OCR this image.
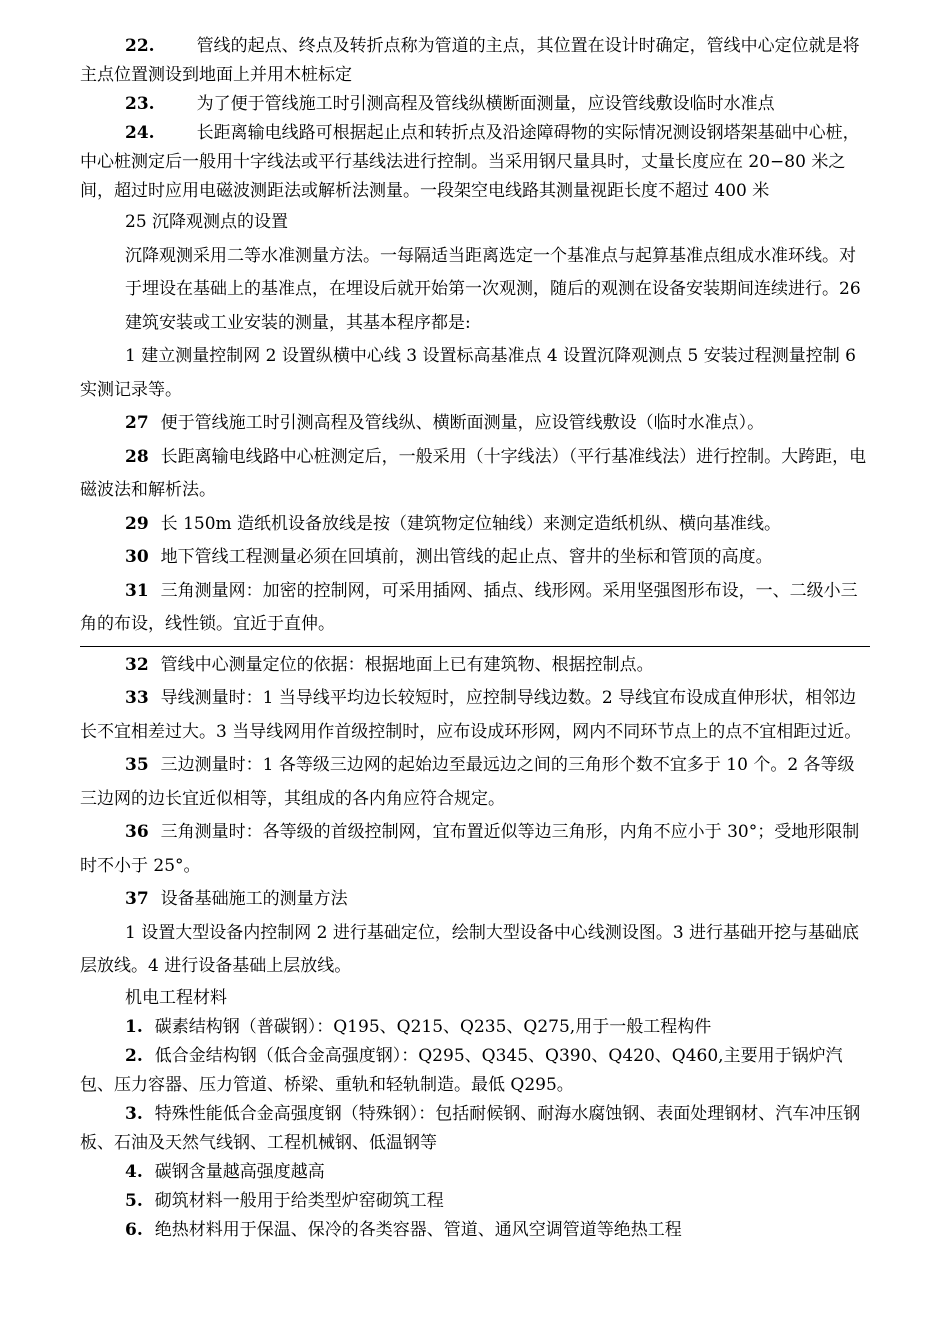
22. 管线的起点、终点及转折点称为管道的主点，其位置在设计时确定，管线中心定位就是将主点位置测设到地面上并用木桩标定

23. 为了便于管线施工时引测高程及管线纵横断面测量，应设管线敷设临时水准点

24. 长距离输电线路可根据起止点和转折点及沿途障碍物的实际情况测设钢塔架基础中心桩，中心桩测定后一般用十字线法或平行基线法进行控制。当采用钢尺量具时，丈量长度应在 20−80 米之间，超过时应用电磁波测距法或解析法测量。一段架空电线路其测量视距长度不超过 400 米

25 沉降观测点的设置

沉降观测采用二等水准测量方法。一每隔适当距离选定一个基准点与起算基准点组成水准环线。对于埋设在基础上的基准点，在埋设后就开始第一次观测，随后的观测在设备安装期间连续进行。26 建筑安装或工业安装的测量，其基本程序都是:

1 建立测量控制网 2 设置纵横中心线 3 设置标高基准点 4 设置沉降观测点 5 安装过程测量控制 6 实测记录等。

27 便于管线施工时引测高程及管线纵、横断面测量，应设管线敷设（临时水准点）。

28 长距离输电线路中心桩测定后，一般采用（十字线法）（平行基准线法）进行控制。大跨距，电磁波法和解析法。

29 长 150m 造纸机设备放线是按（建筑物定位轴线）来测定造纸机纵、横向基准线。

30 地下管线工程测量必须在回填前，测出管线的起止点、窨井的坐标和管顶的高度。

31 三角测量网：加密的控制网，可采用插网、插点、线形网。采用坚强图形布设，一、二级小三角的布设，线性锁。宜近于直伸。

32 管线中心测量定位的依据：根据地面上已有建筑物、根据控制点。

33 导线测量时：1 当导线平均边长较短时，应控制导线边数。2 导线宜布设成直伸形状，相邻边长不宜相差过大。3 当导线网用作首级控制时，应布设成环形网，网内不同环节点上的点不宜相距过近。

35 三边测量时：1 各等级三边网的起始边至最远边之间的三角形个数不宜多于 10 个。2 各等级三边网的边长宜近似相等，其组成的各内角应符合规定。

36 三角测量时：各等级的首级控制网，宜布置近似等边三角形，内角不应小于 30°；受地形限制时不小于 25°。

37 设备基础施工的测量方法

1 设置大型设备内控制网 2 进行基础定位，绘制大型设备中心线测设图。3 进行基础开挖与基础底层放线。4 进行设备基础上层放线。

机电工程材料

1. 碳素结构钢（普碳钢）：Q195、Q215、Q235、Q275,用于一般工程构件

2. 低合金结构钢（低合金高强度钢）：Q295、Q345、Q390、Q420、Q460,主要用于锅炉汽包、压力容器、压力管道、桥梁、重轨和轻轨制造。最低 Q295。

3. 特殊性能低合金高强度钢（特殊钢）：包括耐候钢、耐海水腐蚀钢、表面处理钢材、汽车冲压钢板、石油及天然气线钢、工程机械钢、低温钢等

4. 碳钢含量越高强度越高

5. 砌筑材料一般用于给类型炉窑砌筑工程

6. 绝热材料用于保温、保冷的各类容器、管道、通风空调管道等绝热工程
